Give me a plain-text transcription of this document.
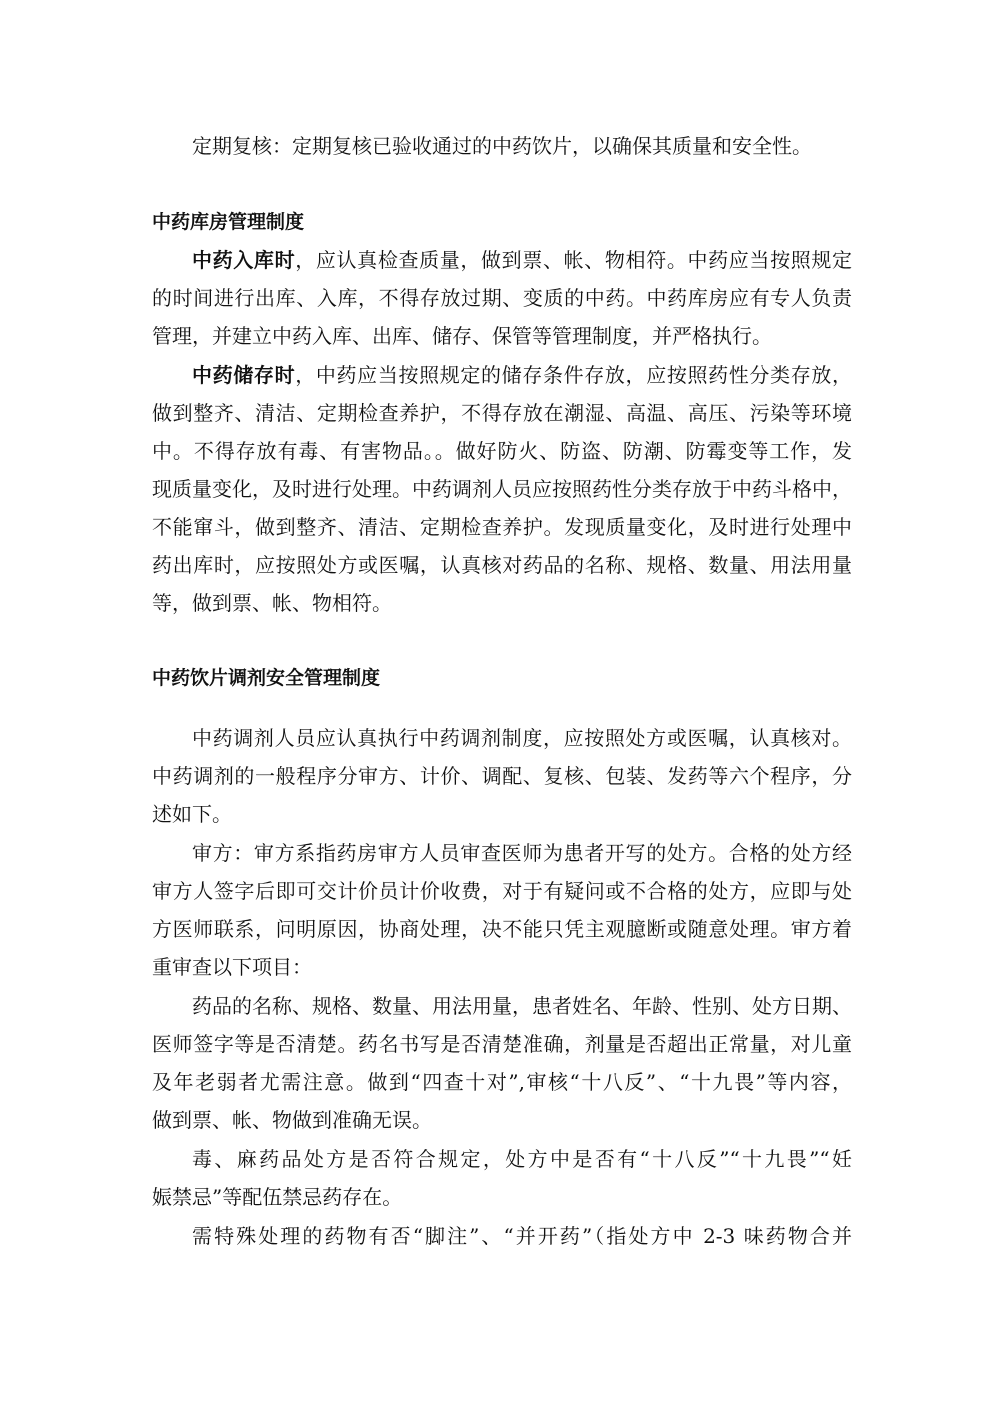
定期复核：定期复核已验收通过的中药饮片，以确保其质量和安全性。
中药库房管理制度
中药入库时，应认真检查质量，做到票、帐、物相符。中药应当按照规定
的时间进行出库、入库，不得存放过期、变质的中药。中药库房应有专人负责
管理，并建立中药入库、出库、储存、保管等管理制度，并严格执行。
中药储存时，中药应当按照规定的储存条件存放，应按照药性分类存放，
做到整齐、清洁、定期检查养护，不得存放在潮湿、高温、高压、污染等环境
中。不得存放有毒、有害物品。。做好防火、防盗、防潮、防霉变等工作，发
现质量变化，及时进行处理。中药调剂人员应按照药性分类存放于中药斗格中，
不能窜斗，做到整齐、清洁、定期检查养护。发现质量变化，及时进行处理中
药出库时，应按照处方或医嘱，认真核对药品的名称、规格、数量、用法用量
等，做到票、帐、物相符。
中药饮片调剂安全管理制度
中药调剂人员应认真执行中药调剂制度，应按照处方或医嘱，认真核对。
中药调剂的一般程序分审方、计价、调配、复核、包装、发药等六个程序，分
述如下。
审方：审方系指药房审方人员审查医师为患者开写的处方。合格的处方经
审方人签字后即可交计价员计价收费，对于有疑问或不合格的处方，应即与处
方医师联系，问明原因，协商处理，决不能只凭主观臆断或随意处理。审方着
重审查以下项目：
药品的名称、规格、数量、用法用量，患者姓名、年龄、性别、处方日期、
医师签字等是否清楚。药名书写是否清楚准确，剂量是否超出正常量，对儿童
及年老弱者尤需注意。做到“四查十对”,审核“十八反”、“十九畏”等内容，
做到票、帐、物做到准确无误。
毒、麻药品处方是否符合规定，处方中是否有“十八反”“十九畏”“妊
娠禁忌”等配伍禁忌药存在。
需特殊处理的药物有否“脚注”、“并开药”（指处方中 2-3 味药物合并
